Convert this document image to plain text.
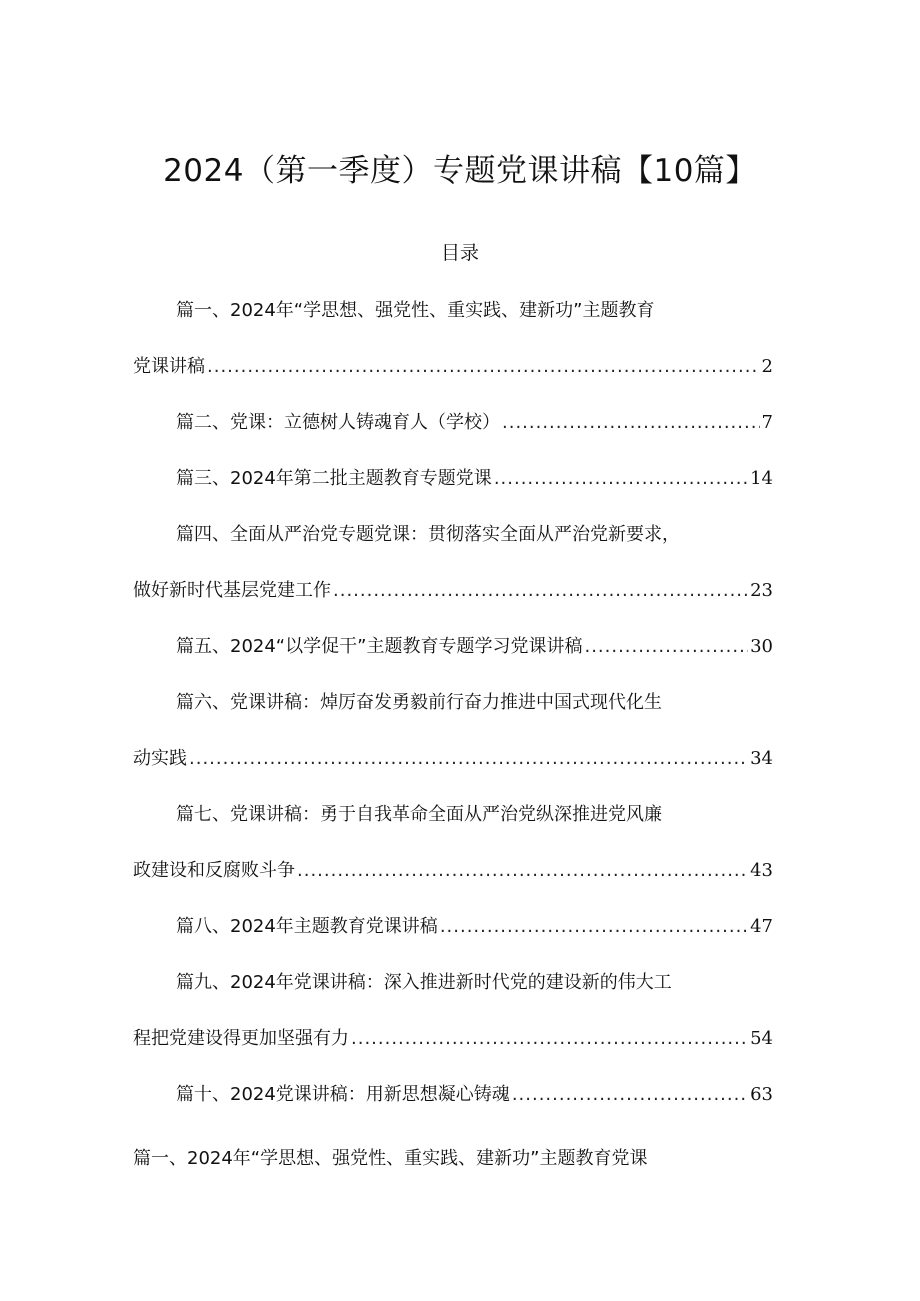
2024（第一季度）专题党课讲稿【10篇】
目录
篇一、2024年“学思想、强党性、重实践、建新功”主题教育
党课讲稿 .....	2
篇二、党课：立德树人铸魂育人（学校） .....	7
篇三、2024年第二批主题教育专题党课 .....	14
篇四、全面从严治党专题党课：贯彻落实全面从严治党新要求，
做好新时代基层党建工作 .....	23
篇五、2024“以学促干”主题教育专题学习党课讲稿 .....	30
篇六、党课讲稿：焯厉奋发勇毅前行奋力推进中国式现代化生
动实践 .....	34
篇七、党课讲稿：勇于自我革命全面从严治党纵深推进党风廉
政建设和反腐败斗争 .....	43
篇八、2024年主题教育党课讲稿 .....	47
篇九、2024年党课讲稿：深入推进新时代党的建设新的伟大工
程把党建设得更加坚强有力 .....	54
篇十、2024党课讲稿：用新思想凝心铸魂 .....	63
篇一、2024年“学思想、强党性、重实践、建新功”主题教育党课
